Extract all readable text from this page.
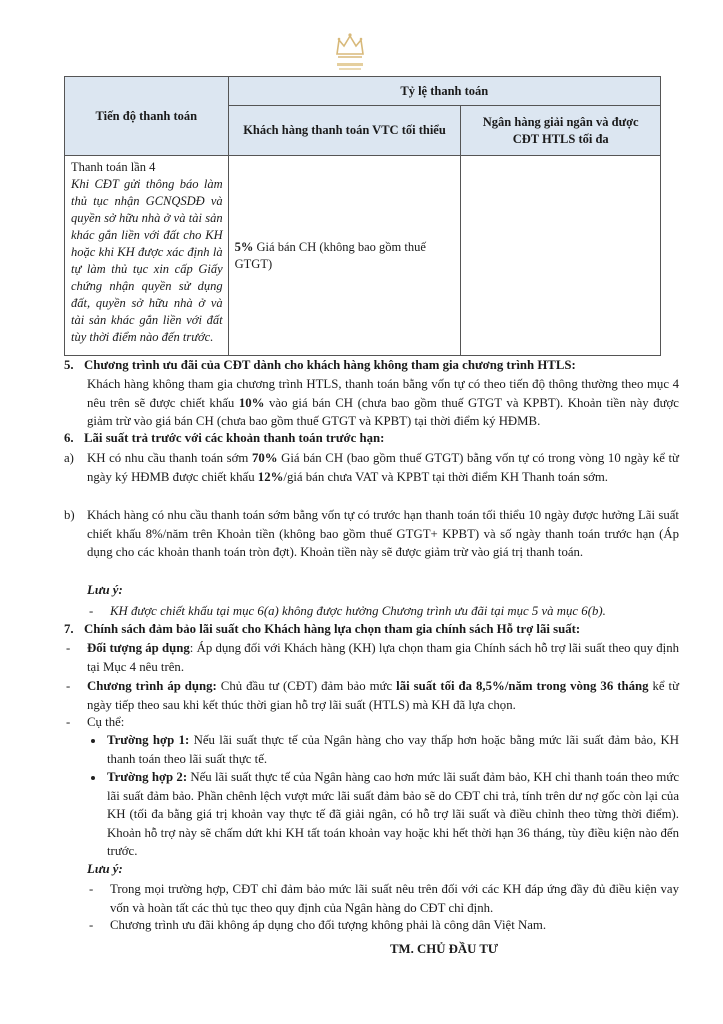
Tiến độ thanh toán	Tỷ lệ thanh toán	
	Khách hàng thanh toán VTC tối thiểu	Ngân hàng giải ngân và được CĐT HTLS tối đa

Thanh toán lần 4
Khi CĐT gửi thông báo làm thủ tục nhận GCNQSDĐ và quyền sở hữu nhà ở và tài sản khác gắn liền với đất cho KH hoặc khi KH được xác định là tự làm thủ tục xin cấp Giấy chứng nhận quyền sử dụng đất, quyền sở hữu nhà ở và tài sản khác gắn liền với đất tùy thời điểm nào đến trước.	5% Giá bán CH (không bao gồm thuế GTGT)	
5. Chương trình ưu đãi của CĐT dành cho khách hàng không tham gia chương trình HTLS:
Khách hàng không tham gia chương trình HTLS, thanh toán bằng vốn tự có theo tiến độ thông thường theo mục 4 nêu trên sẽ được chiết khấu 10% vào giá bán CH (chưa bao gồm thuế GTGT và KPBT). Khoản tiền này được giảm trừ vào giá bán CH (chưa bao gồm thuế GTGT và KPBT) tại thời điểm ký HĐMB.
6. Lãi suất trả trước với các khoản thanh toán trước hạn:
a) KH có nhu cầu thanh toán sớm 70% Giá bán CH (bao gồm thuế GTGT) bằng vốn tự có trong vòng 10 ngày kể từ ngày ký HĐMB được chiết khấu 12%/giá bán chưa VAT và KPBT tại thời điểm KH Thanh toán sớm.
b) Khách hàng có nhu cầu thanh toán sớm bằng vốn tự có trước hạn thanh toán tối thiểu 10 ngày được hưởng Lãi suất chiết khấu 8%/năm trên Khoản tiền (không bao gồm thuế GTGT+ KPBT) và số ngày thanh toán trước hạn (Áp dụng cho các khoản thanh toán tròn đợt). Khoản tiền này sẽ được giảm trừ vào giá trị thanh toán.
Lưu ý:
- KH được chiết khấu tại mục 6(a) không được hưởng Chương trình ưu đãi tại mục 5 và mục 6(b).
7. Chính sách đảm bảo lãi suất cho Khách hàng lựa chọn tham gia chính sách Hỗ trợ lãi suất:
- Đối tượng áp dụng: Áp dụng đối với Khách hàng (KH) lựa chọn tham gia Chính sách hỗ trợ lãi suất theo quy định tại Mục 4 nêu trên.
- Chương trình áp dụng: Chủ đầu tư (CĐT) đảm bảo mức lãi suất tối đa 8,5%/năm trong vòng 36 tháng kể từ ngày tiếp theo sau khi kết thúc thời gian hỗ trợ lãi suất (HTLS) mà KH đã lựa chọn.
- Cụ thể:
Trường hợp 1: Nếu lãi suất thực tế của Ngân hàng cho vay thấp hơn hoặc bằng mức lãi suất đảm bảo, KH thanh toán theo lãi suất thực tế.
Trường hợp 2: Nếu lãi suất thực tế của Ngân hàng cao hơn mức lãi suất đảm bảo, KH chỉ thanh toán theo mức lãi suất đảm bảo. Phần chênh lệch vượt mức lãi suất đảm bảo sẽ do CĐT chi trả, tính trên dư nợ gốc còn lại của KH (tối đa bằng giá trị khoản vay thực tế đã giải ngân, có hỗ trợ lãi suất và điều chỉnh theo từng thời điểm). Khoản hỗ trợ này sẽ chấm dứt khi KH tất toán khoản vay hoặc khi hết thời hạn 36 tháng, tùy điều kiện nào đến trước.
Lưu ý:
- Trong mọi trường hợp, CĐT chỉ đảm bảo mức lãi suất nêu trên đối với các KH đáp ứng đầy đủ điều kiện vay vốn và hoàn tất các thủ tục theo quy định của Ngân hàng do CĐT chỉ định.
- Chương trình ưu đãi không áp dụng cho đối tượng không phải là công dân Việt Nam.
TM. CHỦ ĐẦU TƯ
